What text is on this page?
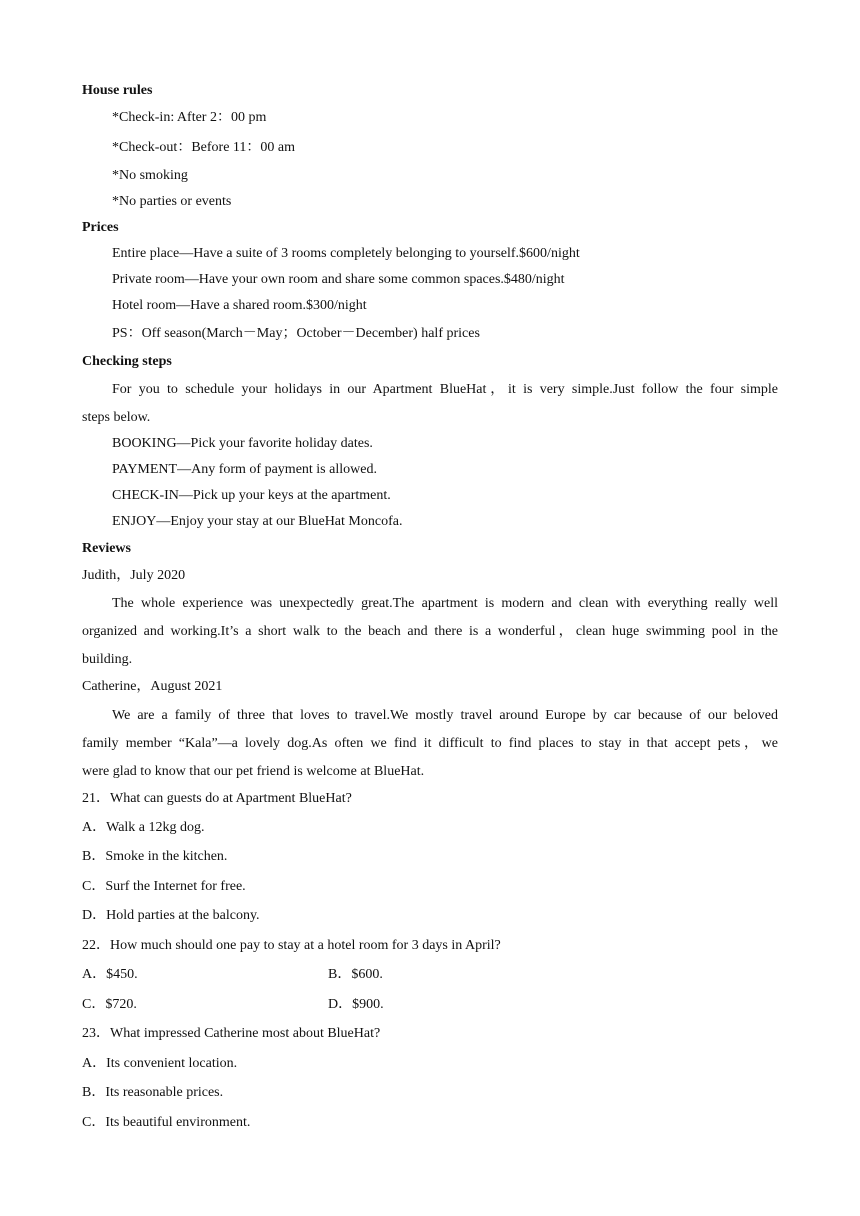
House rules
*Check-in: After 2：00 pm
*Check-out：Before 11：00 am
*No smoking
*No parties or events
Prices
Entire place—Have a suite of 3 rooms completely belonging to yourself.$600/night
Private room—Have your own room and share some common spaces.$480/night
Hotel room—Have a shared room.$300/night
PS：Off season(March－May；October－December) half prices
Checking steps
For you to schedule your holidays in our Apartment BlueHat，it is very simple.Just follow the four simple
steps below.
BOOKING—Pick your favorite holiday dates.
PAYMENT—Any form of payment is allowed.
CHECK-IN—Pick up your keys at the apartment.
ENJOY—Enjoy your stay at our BlueHat Moncofa.
Reviews
Judith，July 2020
The whole experience was unexpectedly great.The apartment is modern and clean with everything really well
organized and working.It’s a short walk to the beach and there is a wonderful，clean huge swimming pool in the
building.
Catherine，August 2021
We are a family of three that loves to travel.We mostly travel around Europe by car because of our beloved
family member “Kala”—a lovely dog.As often we find it difficult to find places to stay in that accept pets，we
were glad to know that our pet friend is welcome at BlueHat.
21．What can guests do at Apartment BlueHat?
A．Walk a 12kg dog.
B．Smoke in the kitchen.
C．Surf the Internet for free.
D．Hold parties at the balcony.
22．How much should one pay to stay at a hotel room for 3 days in April?
A．$450.	B．$600.
C．$720.	D．$900.
23．What impressed Catherine most about BlueHat?
A．Its convenient location.
B．Its reasonable prices.
C．Its beautiful environment.
